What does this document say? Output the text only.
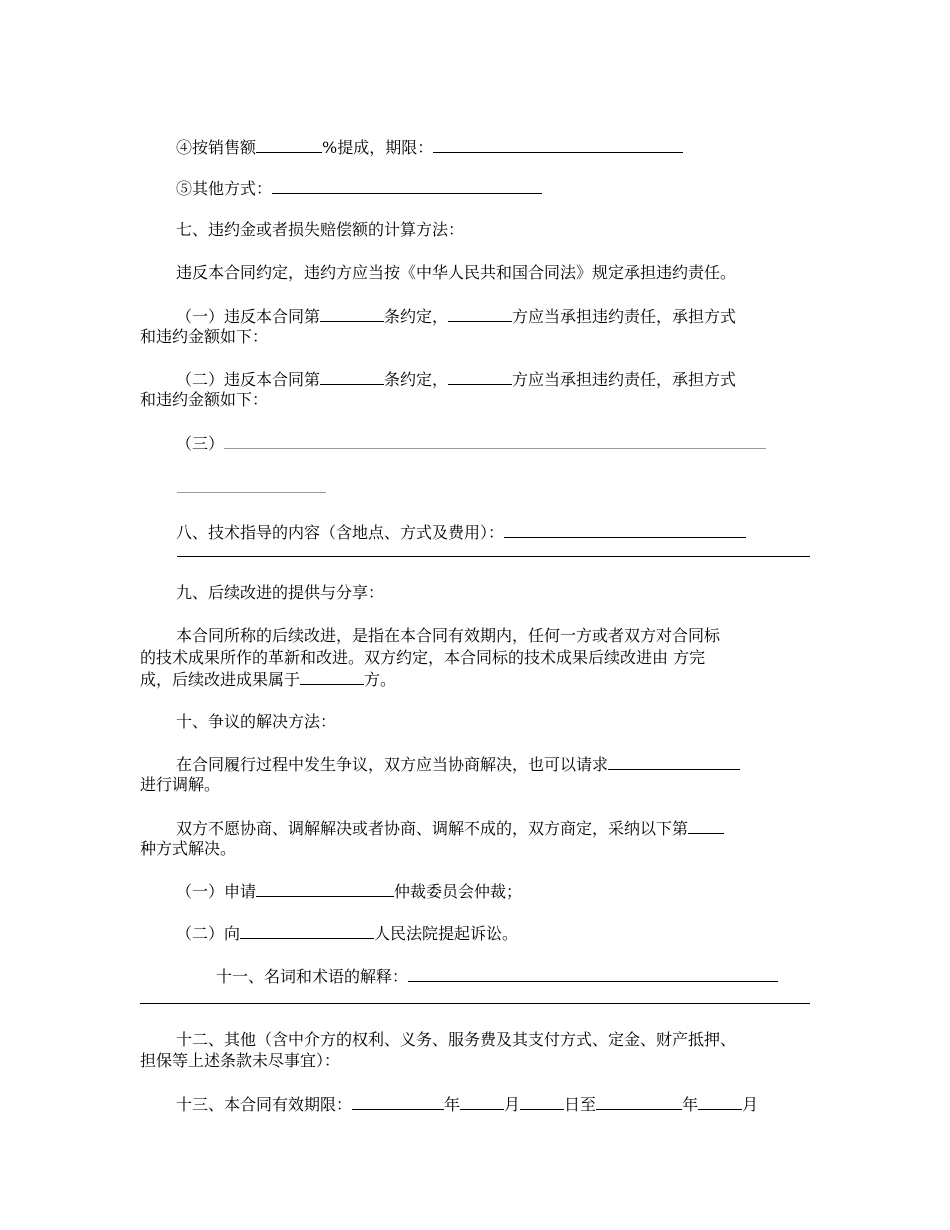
④按销售额	%提成，期限：
⑤其他方式：
七、违约金或者损失赔偿额的计算方法：
违反本合同约定，违约方应当按《中华人民共和国合同法》规定承担违约责任。
（一）违反本合同第	条约定，	方应当承担违约责任，承担方式
和违约金额如下：
（二）违反本合同第	条约定，	方应当承担违约责任，承担方式
和违约金额如下：
（三）
八、技术指导的内容（含地点、方式及费用）：
九、后续改进的提供与分享：
本合同所称的后续改进，是指在本合同有效期内，任何一方或者双方对合同标
的技术成果所作的革新和改进。双方约定，本合同标的技术成果后续改进由 方完
成，后续改进成果属于	方。
十、争议的解决方法：
在合同履行过程中发生争议，双方应当协商解决，也可以请求
进行调解。
双方不愿协商、调解解决或者协商、调解不成的，双方商定，采纳以下第
种方式解决。
（一）申请	仲裁委员会仲裁；
（二）向	人民法院提起诉讼。
十一、名词和术语的解释：
十二、其他（含中介方的权利、义务、服务费及其支付方式、定金、财产抵押、
担保等上述条款未尽事宜）：
十三、本合同有效期限：	年	月	日至	年	月
